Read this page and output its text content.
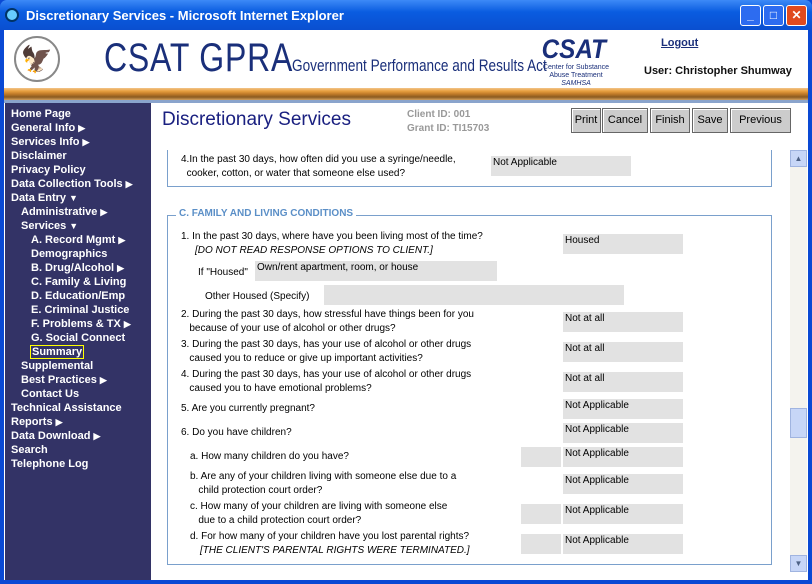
Discretionary Services - Microsoft Internet Explorer	_	□	✕
🦅 CSAT GPRA
Government Performance and Results Act
CSAT
Center for Substance Abuse Treatment
SAMHSA
Logout
User: Christopher Shumway
Home Page
General Info ▶
Services Info ▶
Disclaimer
Privacy Policy
Data Collection Tools ▶
Data Entry ▼
Administrative ▶
Services ▼
A. Record Mgmt ▶
Demographics
B. Drug/Alcohol ▶
C. Family & Living
D. Education/Emp
E. Criminal Justice
F. Problems & TX ▶
G. Social Connect
Summary
Supplemental
Best Practices ▶
Contact Us
Technical Assistance
Reports ▶
Data Download ▶
Search
Telephone Log
Discretionary Services	Client ID: 001
Grant ID: TI15703
Print Cancel	Finish	Save	Previous
4.In the past 30 days, how often did you use a syringe/needle,
cooker, cotton, or water that someone else used?
Not Applicable
C. FAMILY AND LIVING CONDITIONS
1. In the past 30 days, where have you been living most of the time?
[DO NOT READ RESPONSE OPTIONS TO CLIENT.]
Housed
If "Housed" Own/rent apartment, room, or house
Other Housed (Specify)
2. During the past 30 days, how stressful have things been for you
because of your use of alcohol or other drugs?
Not at all
3. During the past 30 days, has your use of alcohol or other drugs
caused you to reduce or give up important activities?
Not at all
4. During the past 30 days, has your use of alcohol or other drugs
caused you to have emotional problems?
Not at all
5. Are you currently pregnant?	Not Applicable
6. Do you have children?	Not Applicable
a. How many children do you have?	Not Applicable
b. Are any of your children living with someone else due to a
child protection court order?
Not Applicable
c. How many of your children are living with someone else
due to a child protection court order?
Not Applicable
d. For how many of your children have you lost parental rights?
[THE CLIENT'S PARENTAL RIGHTS WERE TERMINATED.]
Not Applicable
▲
▼
